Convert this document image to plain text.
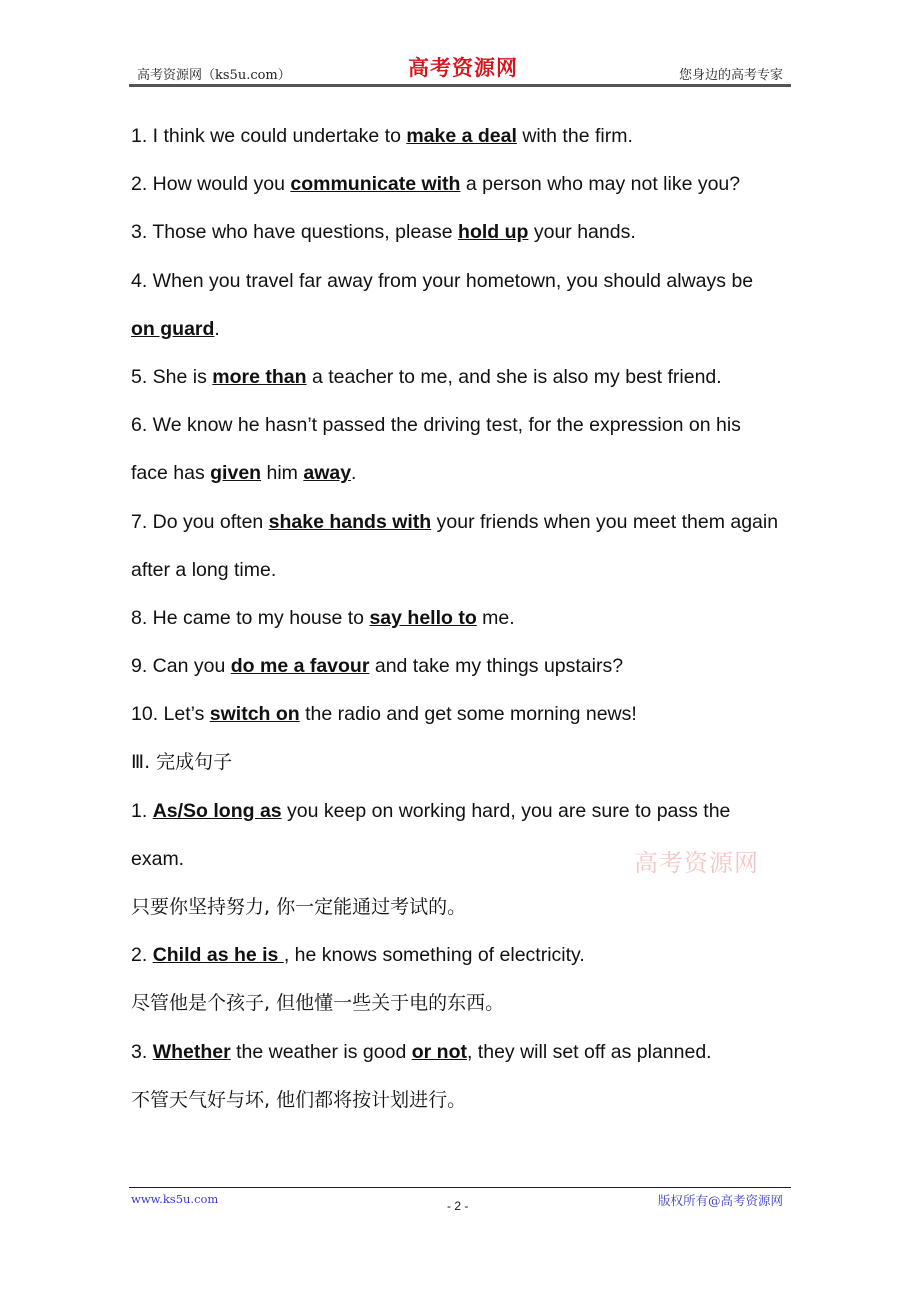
高考资源网（ks5u.com）	高考资源网	您身边的高考专家
1. I think we could undertake to make a deal with the firm.
2. How would you communicate with a person who may not like you?
3. Those who have questions, please hold up your hands.
4. When you travel far away from your hometown, you should always be
on guard.
5. She is more than a teacher to me, and she is also my best friend.
6. We know he hasn’t passed the driving test, for the expression on his
face has given him away.
7. Do you often shake hands with your friends when you meet them again
after a long time.
8. He came to my house to say hello to me.
9. Can you do me a favour and take my things upstairs?
10. Let’s switch on the radio and get some morning news!
Ⅲ. 完成句子
1. As/So long as you keep on working hard, you are sure to pass the
exam.
只要你坚持努力, 你一定能通过考试的。
2. Child as he is , he knows something of electricity.
尽管他是个孩子, 但他懂一些关于电的东西。
3. Whether the weather is good or not, they will set off as planned.
不管天气好与坏, 他们都将按计划进行。
高考资源网
www.ks5u.com	- 2 -	版权所有@高考资源网
